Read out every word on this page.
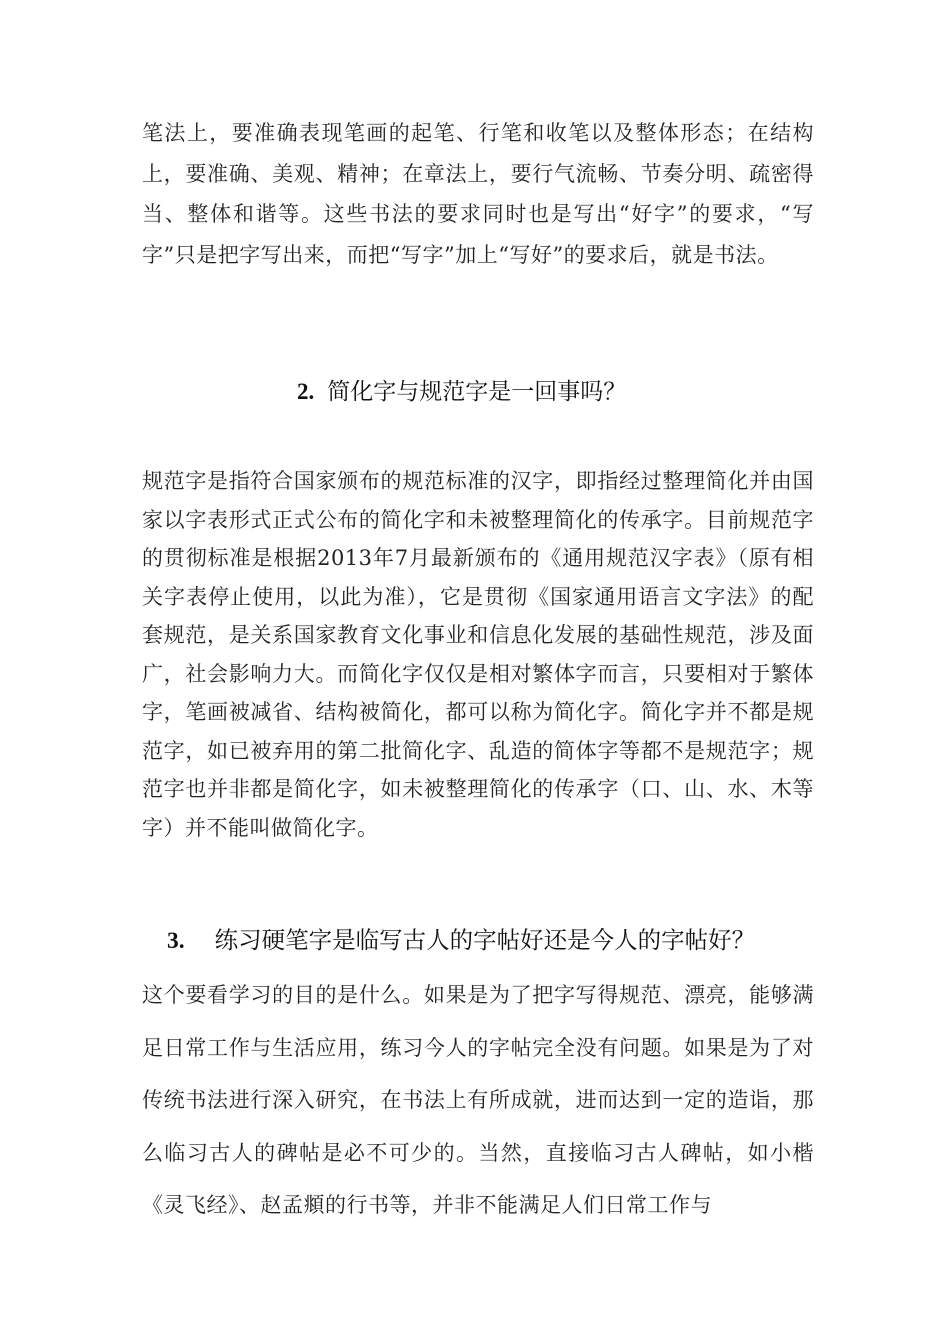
笔法上，要准确表现笔画的起笔、行笔和收笔以及整体形态；在结构上，要准确、美观、精神；在章法上，要行气流畅、节奏分明、疏密得当、整体和谐等。这些书法的要求同时也是写出“好字”的要求，“写字”只是把字写出来，而把“写字”加上“写好”的要求后，就是书法。

2. 简化字与规范字是一回事吗？

规范字是指符合国家颁布的规范标准的汉字，即指经过整理简化并由国家以字表形式正式公布的简化字和未被整理简化的传承字。目前规范字的贯彻标准是根据2013年7月最新颁布的《通用规范汉字表》（原有相关字表停止使用，以此为准），它是贯彻《国家通用语言文字法》的配套规范，是关系国家教育文化事业和信息化发展的基础性规范，涉及面广，社会影响力大。而简化字仅仅是相对繁体字而言，只要相对于繁体字，笔画被减省、结构被简化，都可以称为简化字。简化字并不都是规范字，如已被弃用的第二批简化字、乱造的简体字等都不是规范字；规范字也并非都是简化字，如未被整理简化的传承字（口、山、水、木等字）并不能叫做简化字。

3. 练习硬笔字是临写古人的字帖好还是今人的字帖好？

这个要看学习的目的是什么。如果是为了把字写得规范、漂亮，能够满足日常工作与生活应用，练习今人的字帖完全没有问题。如果是为了对传统书法进行深入研究，在书法上有所成就，进而达到一定的造诣，那么临习古人的碑帖是必不可少的。当然，直接临习古人碑帖，如小楷《灵飞经》、赵孟頫的行书等，并非不能满足人们日常工作与
